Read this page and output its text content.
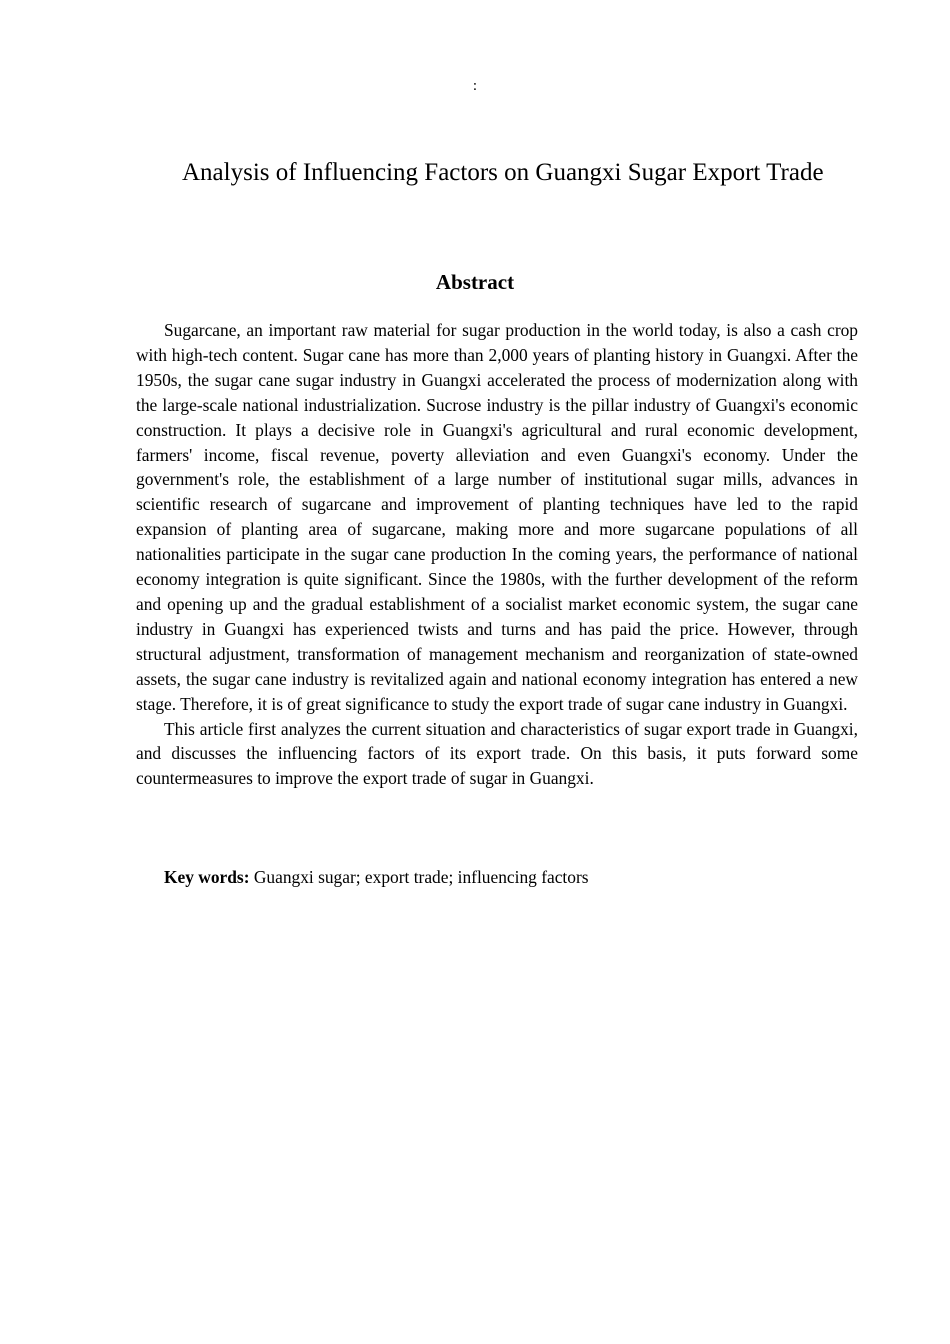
:
Analysis of Influencing Factors on Guangxi Sugar Export Trade
Abstract

Sugarcane, an important raw material for sugar production in the world today, is also a cash crop with high-tech content. Sugar cane has more than 2,000 years of planting history in Guangxi. After the 1950s, the sugar cane sugar industry in Guangxi accelerated the process of modernization along with the large-scale national industrialization. Sucrose industry is the pillar industry of Guangxi's economic construction. It plays a decisive role in Guangxi's agricultural and rural economic development, farmers' income, fiscal revenue, poverty alleviation and even Guangxi's economy. Under the government's role, the establishment of a large number of institutional sugar mills, advances in scientific research of sugarcane and improvement of planting techniques have led to the rapid expansion of planting area of sugarcane, making more and more sugarcane populations of all nationalities participate in the sugar cane production In the coming years, the performance of national economy integration is quite significant. Since the 1980s, with the further development of the reform and opening up and the gradual establishment of a socialist market economic system, the sugar cane industry in Guangxi has experienced twists and turns and has paid the price. However, through structural adjustment, transformation of management mechanism and reorganization of state-owned assets, the sugar cane industry is revitalized again and national economy integration has entered a new stage. Therefore, it is of great significance to study the export trade of sugar cane industry in Guangxi.

This article first analyzes the current situation and characteristics of sugar export trade in Guangxi, and discusses the influencing factors of its export trade. On this basis, it puts forward some countermeasures to improve the export trade of sugar in Guangxi.

Key words: Guangxi sugar; export trade; influencing factors
